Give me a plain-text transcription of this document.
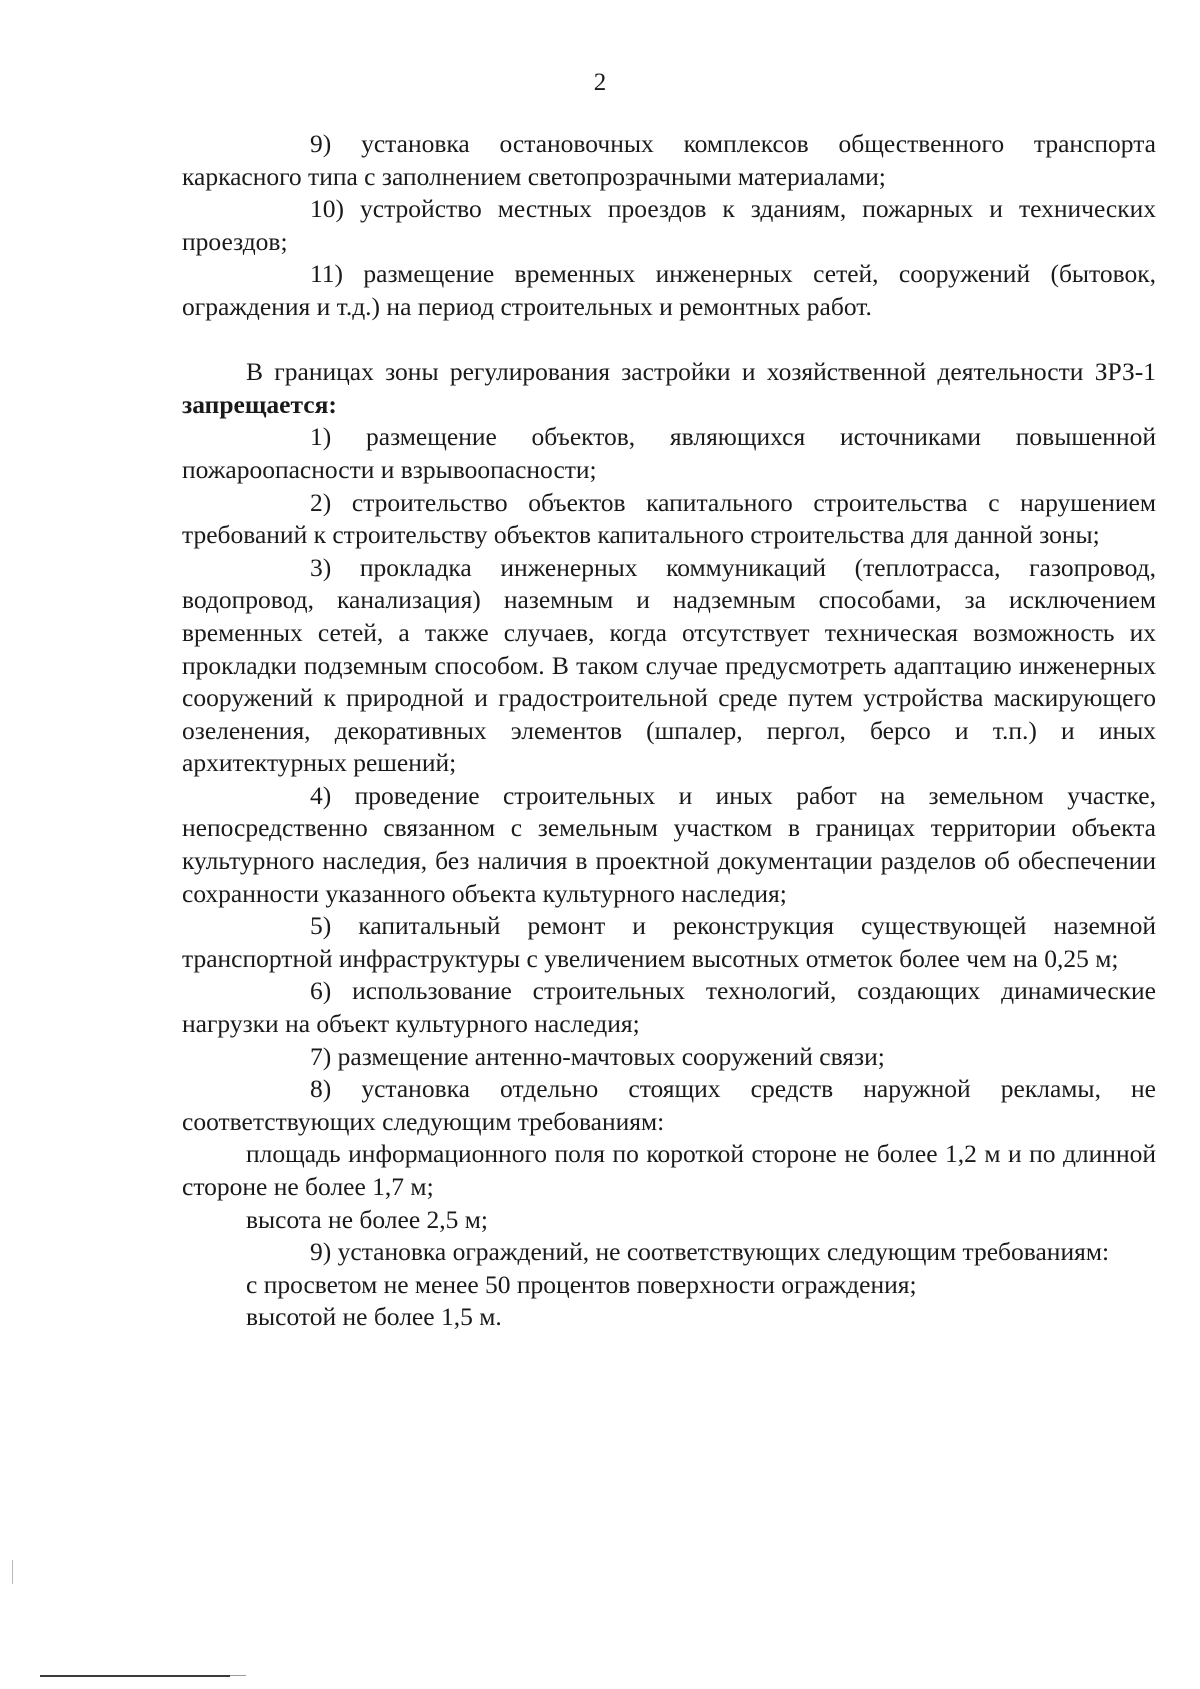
2

9) установка остановочных комплексов общественного транспорта каркасного типа с заполнением светопрозрачными материалами;

10) устройство местных проездов к зданиям, пожарных и технических проездов;

11) размещение временных инженерных сетей, сооружений (бытовок, ограждения и т.д.) на период строительных и ремонтных работ.

В границах зоны регулирования застройки и хозяйственной деятельности ЗРЗ-1 запрещается:

1) размещение объектов, являющихся источниками повышенной пожароопасности и взрывоопасности;

2) строительство объектов капитального строительства с нарушением требований к строительству объектов капитального строительства для данной зоны;

3) прокладка инженерных коммуникаций (теплотрасса, газопровод, водопровод, канализация) наземным и надземным способами, за исключением временных сетей, а также случаев, когда отсутствует техническая возможность их прокладки подземным способом. В таком случае предусмотреть адаптацию инженерных сооружений к природной и градостроительной среде путем устройства маскирующего озеленения, декоративных элементов (шпалер, пергол, берсо и т.п.) и иных архитектурных решений;

4) проведение строительных и иных работ на земельном участке, непосредственно связанном с земельным участком в границах территории объекта культурного наследия, без наличия в проектной документации разделов об обеспечении сохранности указанного объекта культурного наследия;

5) капитальный ремонт и реконструкция существующей наземной транспортной инфраструктуры с увеличением высотных отметок более чем на 0,25 м;

6) использование строительных технологий, создающих динамические нагрузки на объект культурного наследия;

7) размещение антенно-мачтовых сооружений связи;

8) установка отдельно стоящих средств наружной рекламы, не соответствующих следующим требованиям:

площадь информационного поля по короткой стороне не более 1,2 м и по длинной стороне не более 1,7 м;

высота не более 2,5 м;

9) установка ограждений, не соответствующих следующим требованиям:

с просветом не менее 50 процентов поверхности ограждения;

высотой не более 1,5 м.
